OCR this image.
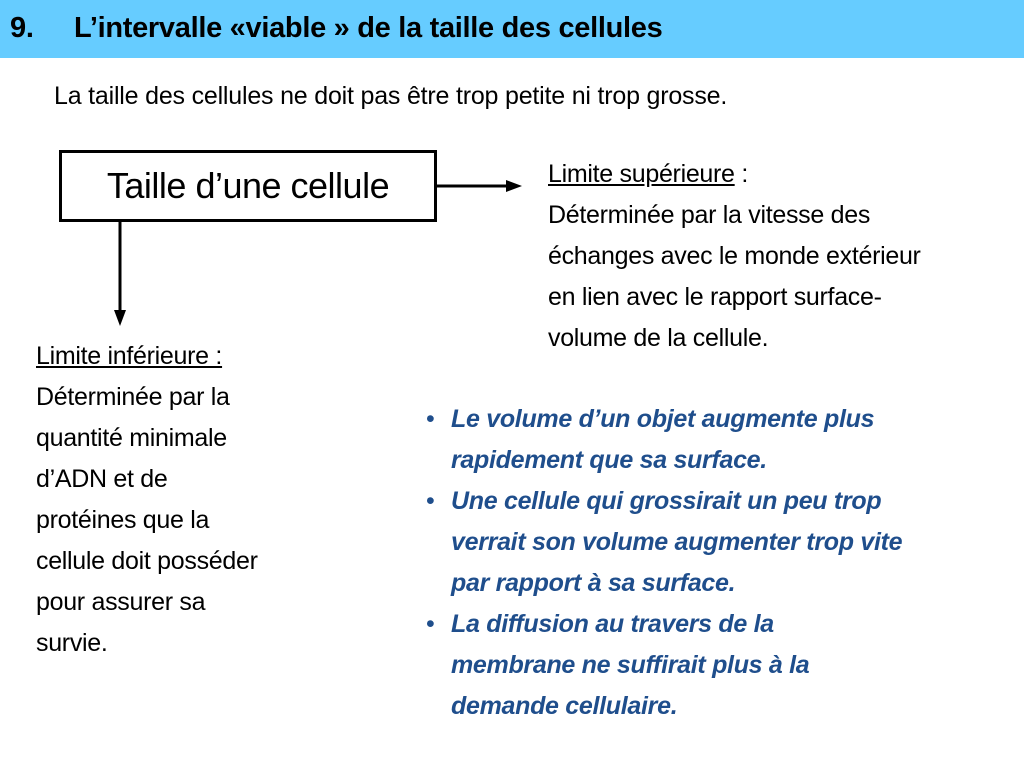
9. L’intervalle «viable » de la taille des cellules
La taille des cellules ne doit pas être trop petite ni trop grosse.
Taille d’une cellule	Limite supérieure :
Déterminée par la vitesse des
échanges avec le monde extérieur
en lien avec le rapport surface-
volume de la cellule.
Limite inférieure :
Déterminée par la
quantité minimale
d’ADN et de
protéines que la
cellule doit posséder
pour assurer sa
survie.
• Le volume d’un objet augmente plus
rapidement que sa surface.
• Une cellule qui grossirait un peu trop
verrait son volume augmenter trop vite
par rapport à sa surface.
• La diffusion au travers de la
membrane ne suffirait plus à la
demande cellulaire.
